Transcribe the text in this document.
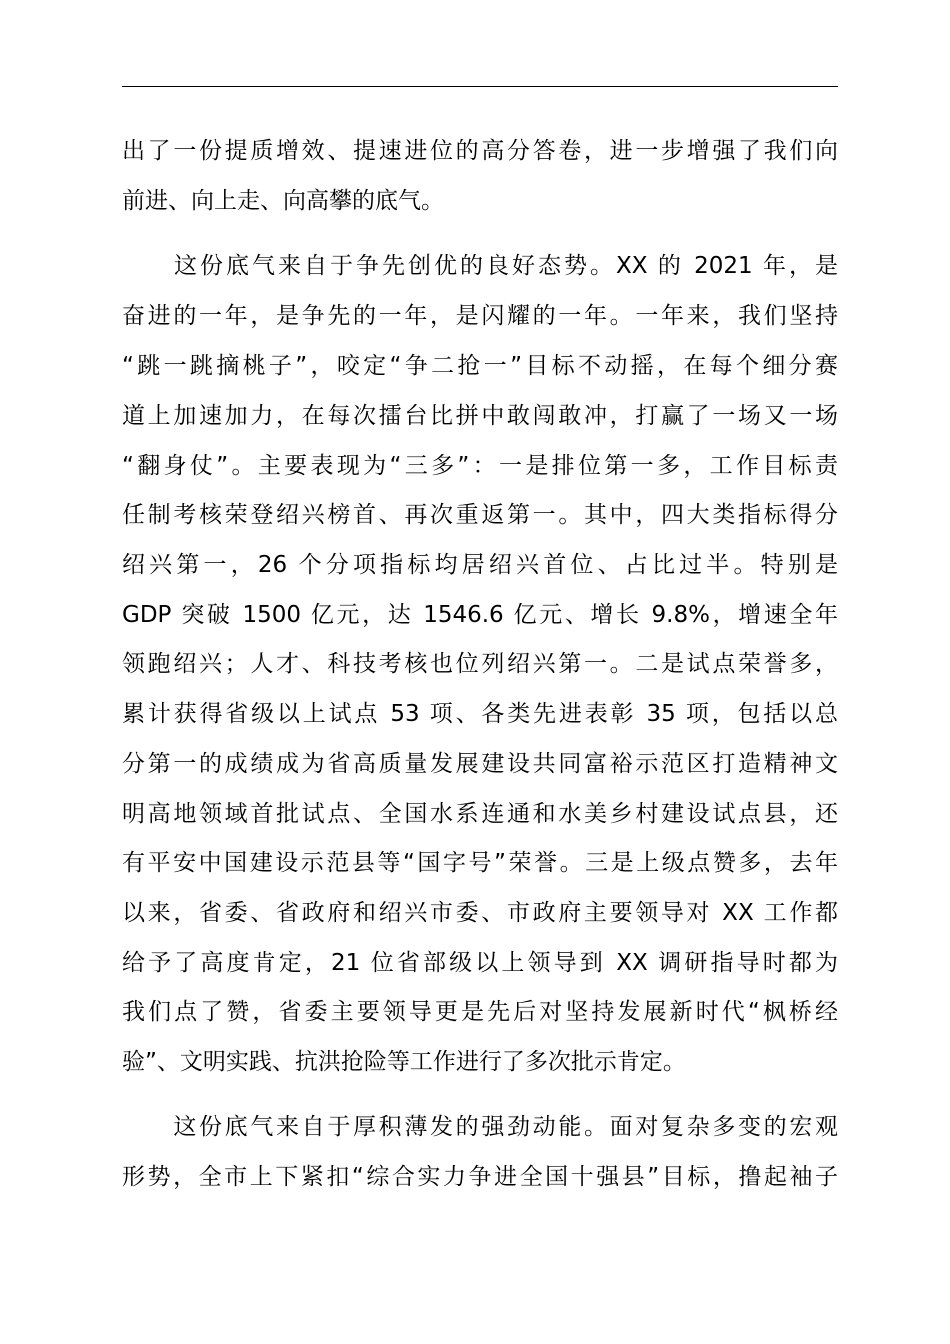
出了一份提质增效、提速进位的高分答卷，进一步增强了我们向
前进、向上走、向高攀的底气。
　　这份底气来自于争先创优的良好态势。XX 的 2021 年，是
奋进的一年，是争先的一年，是闪耀的一年。一年来，我们坚持
“跳一跳摘桃子”，咬定“争二抢一”目标不动摇，在每个细分赛
道上加速加力，在每次擂台比拼中敢闯敢冲，打赢了一场又一场
“翻身仗”。主要表现为“三多”：一是排位第一多，工作目标责
任制考核荣登绍兴榜首、再次重返第一。其中，四大类指标得分
绍兴第一，26 个分项指标均居绍兴首位、占比过半。特别是
GDP 突破 1500 亿元，达 1546.6 亿元、增长 9.8%，增速全年
领跑绍兴；人才、科技考核也位列绍兴第一。二是试点荣誉多，
累计获得省级以上试点 53 项、各类先进表彰 35 项，包括以总
分第一的成绩成为省高质量发展建设共同富裕示范区打造精神文
明高地领域首批试点、全国水系连通和水美乡村建设试点县，还
有平安中国建设示范县等“国字号”荣誉。三是上级点赞多，去年
以来，省委、省政府和绍兴市委、市政府主要领导对 XX 工作都
给予了高度肯定，21 位省部级以上领导到 XX 调研指导时都为
我们点了赞，省委主要领导更是先后对坚持发展新时代“枫桥经
验”、文明实践、抗洪抢险等工作进行了多次批示肯定。
　　这份底气来自于厚积薄发的强劲动能。面对复杂多变的宏观
形势，全市上下紧扣“综合实力争进全国十强县”目标，撸起袖子
